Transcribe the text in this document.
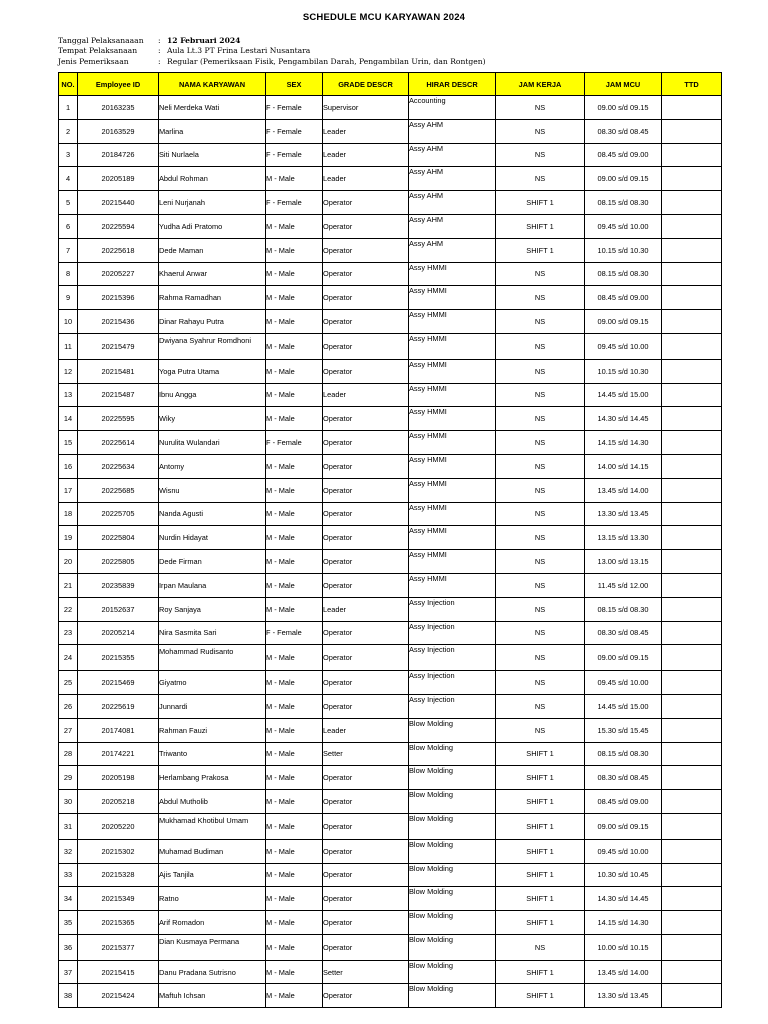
SCHEDULE MCU KARYAWAN 2024
Tanggal Pelaksanaaan	: 12 Februari 2024
Tempat Pelaksanaan	: Aula Lt.3 PT Frina Lestari Nusantara
Jenis Pemeriksaan	: Regular (Pemeriksaan Fisik, Pengambilan Darah, Pengambilan Urin, dan Rontgen)
NO.	Employee ID	NAMA KARYAWAN	SEX	GRADE DESCR	HIRAR DESCR	JAM KERJA	JAM MCU	TTD
1	20163235	Neli Merdeka Wati	F - Female	Supervisor	Accounting	NS	09.00 s/d 09.15	
2	20163529	Marlina	F - Female	Leader	Assy AHM	NS	08.30 s/d 08.45	
3	20184726	Siti Nurlaela	F - Female	Leader	Assy AHM	NS	08.45 s/d 09.00	
4	20205189	Abdul Rohman	M - Male	Leader	Assy AHM	NS	09.00 s/d 09.15	
5	20215440	Leni Nurjanah	F - Female	Operator	Assy AHM	SHIFT 1	08.15 s/d 08.30	
6	20225594	Yudha Adi Pratomo	M - Male	Operator	Assy AHM	SHIFT 1	09.45 s/d 10.00	
7	20225618	Dede Maman	M - Male	Operator	Assy AHM	SHIFT 1	10.15 s/d 10.30	
8	20205227	Khaerul Anwar	M - Male	Operator	Assy HMMI	NS	08.15 s/d 08.30	
9	20215396	Rahma Ramadhan	M - Male	Operator	Assy HMMI	NS	08.45 s/d 09.00	
10	20215436	Dinar Rahayu Putra	M - Male	Operator	Assy HMMI	NS	09.00 s/d 09.15	
11	20215479	Dwiyana Syahrur Romdhoni	M - Male	Operator	Assy HMMI	NS	09.45 s/d 10.00	
12	20215481	Yoga Putra Utama	M - Male	Operator	Assy HMMI	NS	10.15 s/d 10.30	
13	20215487	Ibnu Angga	M - Male	Leader	Assy HMMI	NS	14.45 s/d 15.00	
14	20225595	Wiky	M - Male	Operator	Assy HMMI	NS	14.30 s/d 14.45	
15	20225614	Nurulita Wulandari	F - Female	Operator	Assy HMMI	NS	14.15 s/d 14.30	
16	20225634	Antomy	M - Male	Operator	Assy HMMI	NS	14.00 s/d 14.15	
17	20225685	Wisnu	M - Male	Operator	Assy HMMI	NS	13.45 s/d 14.00	
18	20225705	Nanda Agusti	M - Male	Operator	Assy HMMI	NS	13.30 s/d 13.45	
19	20225804	Nurdin Hidayat	M - Male	Operator	Assy HMMI	NS	13.15 s/d 13.30	
20	20225805	Dede Firman	M - Male	Operator	Assy HMMI	NS	13.00 s/d 13.15	
21	20235839	Irpan Maulana	M - Male	Operator	Assy HMMI	NS	11.45 s/d 12.00	
22	20152637	Roy Sanjaya	M - Male	Leader	Assy Injection	NS	08.15 s/d 08.30	
23	20205214	Nira Sasmita Sari	F - Female	Operator	Assy Injection	NS	08.30 s/d 08.45	
24	20215355	Mohammad Rudisanto	M - Male	Operator	Assy Injection	NS	09.00 s/d 09.15	
25	20215469	Giyatmo	M - Male	Operator	Assy Injection	NS	09.45 s/d 10.00	
26	20225619	Junnardi	M - Male	Operator	Assy Injection	NS	14.45 s/d 15.00	
27	20174081	Rahman Fauzi	M - Male	Leader	Blow Molding	NS	15.30 s/d 15.45	
28	20174221	Triwanto	M - Male	Setter	Blow Molding	SHIFT 1	08.15 s/d 08.30	
29	20205198	Herlambang Prakosa	M - Male	Operator	Blow Molding	SHIFT 1	08.30 s/d 08.45	
30	20205218	Abdul Mutholib	M - Male	Operator	Blow Molding	SHIFT 1	08.45 s/d 09.00	
31	20205220	Mukhamad Khotibul Umam	M - Male	Operator	Blow Molding	SHIFT 1	09.00 s/d 09.15	
32	20215302	Muhamad Budiman	M - Male	Operator	Blow Molding	SHIFT 1	09.45 s/d 10.00	
33	20215328	Ajis Tanjila	M - Male	Operator	Blow Molding	SHIFT 1	10.30 s/d 10.45	
34	20215349	Ratno	M - Male	Operator	Blow Molding	SHIFT 1	14.30 s/d 14.45	
35	20215365	Arif Romadon	M - Male	Operator	Blow Molding	SHIFT 1	14.15 s/d 14.30	
36	20215377	Dian Kusmaya Permana	M - Male	Operator	Blow Molding	NS	10.00 s/d 10.15	
37	20215415	Danu Pradana Sutrisno	M - Male	Setter	Blow Molding	SHIFT 1	13.45 s/d 14.00	
38	20215424	Maftuh Ichsan	M - Male	Operator	Blow Molding	SHIFT 1	13.30 s/d 13.45	
